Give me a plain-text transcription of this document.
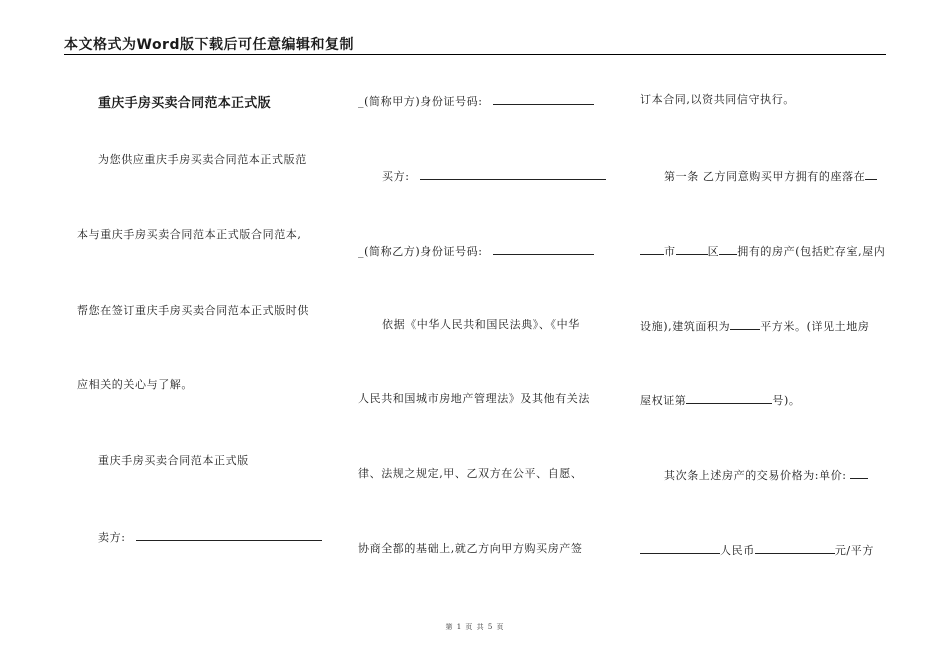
本文格式为Word版下载后可任意编辑和复制
重庆手房买卖合同范本正式版
为您供应重庆手房买卖合同范本正式版范
本与重庆手房买卖合同范本正式版合同范本,
帮您在签订重庆手房买卖合同范本正式版时供
应相关的关心与了解。
重庆手房买卖合同范本正式版
卖方:
_(简称甲方)身份证号码:
买方:
_(简称乙方)身份证号码:
依据《中华人民共和国民法典》、《中华
人民共和国城市房地产管理法》及其他有关法
律、法规之规定,甲、乙双方在公平、自愿、
协商全都的基础上,就乙方向甲方购买房产签
订本合同,以资共同信守执行。
第一条 乙方同意购买甲方拥有的座落在
市	区 拥有的房产(包括贮存室,屋内
设施),建筑面积为	平方米。(详见土地房
屋权证第	号)。
其次条上述房产的交易价格为:单价:
人民币	元/平方
第 1 页 共 5 页
